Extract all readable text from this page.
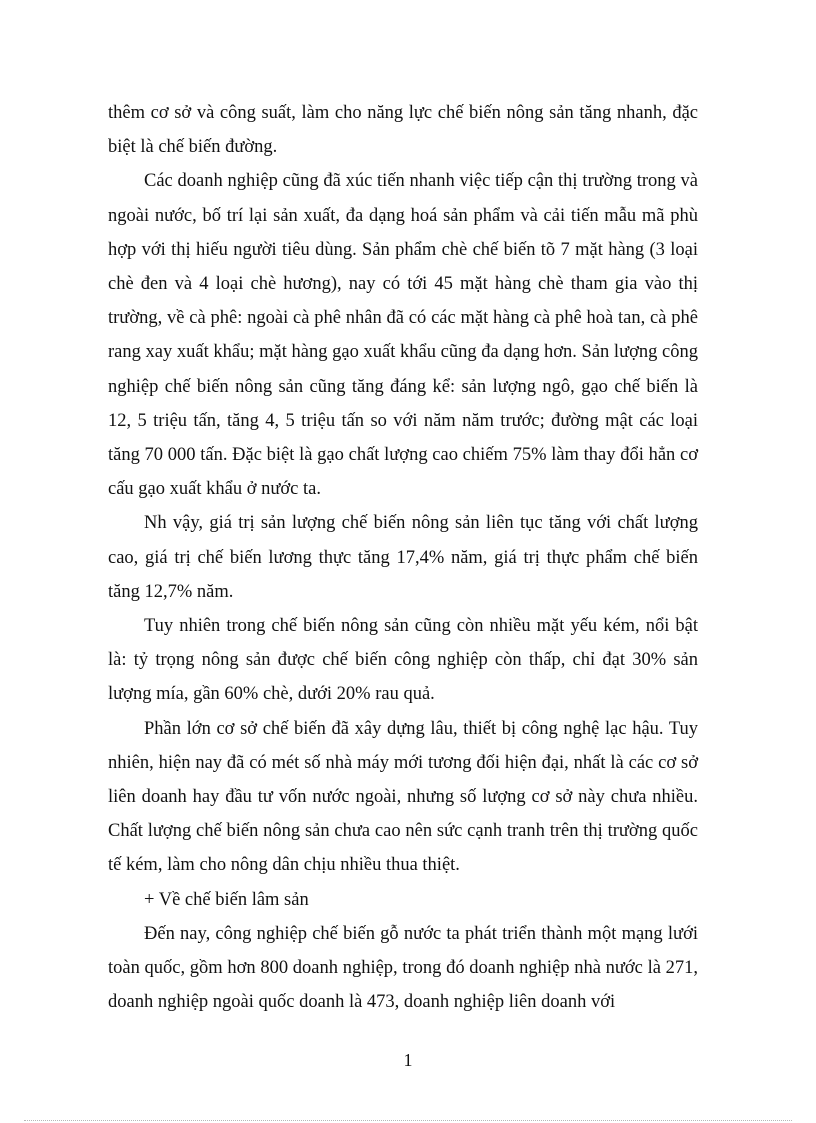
thêm cơ sở và công suất, làm cho năng lực chế biến nông sản tăng nhanh, đặc biệt là chế biến đường.

Các doanh nghiệp cũng đã xúc tiến nhanh việc tiếp cận thị trường trong và ngoài nước, bố trí lại sản xuất, đa dạng hoá sản phẩm và cải tiến mẫu mã phù hợp với thị hiếu người tiêu dùng. Sản phẩm chè chế biến tõ 7 mặt hàng (3 loại chè đen và 4 loại chè hương), nay có tới 45 mặt hàng chè tham gia vào thị trường, về cà phê: ngoài cà phê nhân đã có các mặt hàng cà phê hoà tan, cà phê rang xay xuất khẩu; mặt hàng gạo xuất khẩu cũng đa dạng hơn. Sản lượng công nghiệp chế biến nông sản cũng tăng đáng kể: sản lượng ngô, gạo chế biến là 12, 5 triệu tấn, tăng 4, 5 triệu tấn so với năm năm trước; đường mật các loại tăng 70 000 tấn. Đặc biệt là gạo chất lượng cao chiếm 75% làm thay đổi hẳn cơ cấu gạo xuất khẩu ở nước ta.

Nh vậy, giá trị sản lượng chế biến nông sản liên tục tăng với chất lượng cao, giá trị chế biến lương thực tăng 17,4% năm, giá trị thực phẩm chế biến tăng 12,7% năm.

Tuy nhiên trong chế biến nông sản cũng còn nhiều mặt yếu kém, nổi bật là: tỷ trọng nông sản được chế biến công nghiệp còn thấp, chỉ đạt 30% sản lượng mía, gần 60% chè, dưới 20% rau quả.

Phần lớn cơ sở chế biến đã xây dựng lâu, thiết bị công nghệ lạc hậu. Tuy nhiên, hiện nay đã có mét số nhà máy mới tương đối hiện đại, nhất là các cơ sở liên doanh hay đầu tư vốn nước ngoài, nhưng số lượng cơ sở này chưa nhiều. Chất lượng chế biến nông sản chưa cao nên sức cạnh tranh trên thị trường quốc tế kém, làm cho nông dân chịu nhiều thua thiệt.

+ Về chế biến lâm sản

Đến nay, công nghiệp chế biến gỗ nước ta phát triển thành một mạng lưới toàn quốc, gồm hơn 800 doanh nghiệp, trong đó doanh nghiệp nhà nước là 271, doanh nghiệp ngoài quốc doanh là 473, doanh nghiệp liên doanh với

1
